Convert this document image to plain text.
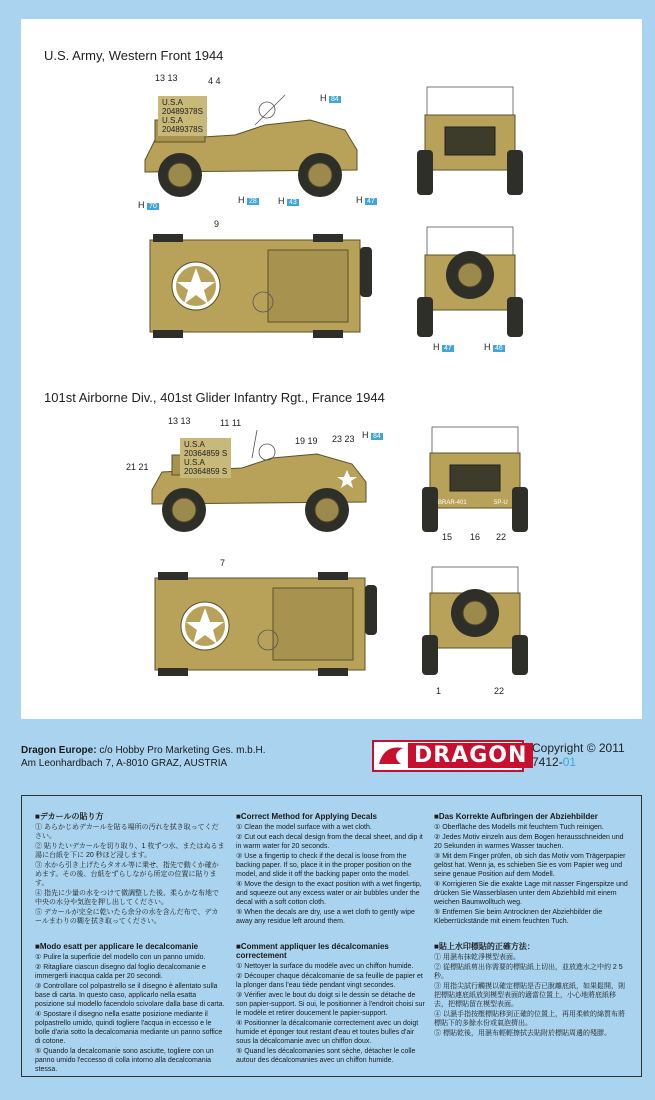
U.S. Army, Western Front 1944
U.S.A
20489378S
U.S.A
20489378S
13 13	4 4
H 84
H 70
H 28 H 43	H 47
9
H 47	H 46
101st Airborne Div., 401st Glider Infantry Rgt., France 1944
U.S.A
20364859 S
U.S.A
20364859 S
13 13	11 11
21 21
19 19 23 23 H 84
BRAR-401	5P-U
15 16 22
7
1	22
Dragon Europe: c/o Hobby Pro Marketing Ges. m.b.H.
Am Leonhardbach 7, A-8010 GRAZ, AUSTRIA	DRAGON Copyright © 2011
7412-01
■デカールの貼り方
① あらかじめデカールを貼る場所の汚れを拭き取ってください。
② 貼りたいデカールを切り取り、1 枚ずつ水、またはぬるま湯に台紙を下に 20 秒ほど浸します。
③ 水から引き上げたらタオル等に乗せ、指先で動くか確かめます。その後、台紙をずらしながら所定の位置に貼ります。
④ 指先に少量の水をつけて微調整した後、柔らかな布地で中央の水分や気泡を押し出してください。
⑤ デカールが完全に乾いたら余分の水を含んだ布で、デカールまわりの糊を拭き取ってください。
■Correct Method for Applying Decals
① Clean the model surface with a wet cloth.
② Cut out each decal design from the decal sheet, and dip it in warm water for 20 seconds.
③ Use a fingertip to check if the decal is loose from the backing paper. If so, place it in the proper position on the model, and slide it off the backing paper onto the model.
④ Move the design to the exact position with a wet fingertip, and squeeze out any excess water or air bubbles under the decal with a soft cotton cloth.
⑤ When the decals are dry, use a wet cloth to gently wipe away any residue left around them.
■Das Korrekte Aufbringen der Abziehbilder
① Oberfläche des Modells mit feuchtem Tuch reinigen.
② Jedes Motiv einzeln aus dem Bogen herausschneiden und 20 Sekunden in warmes Wasser tauchen.
③ Mit dem Finger prüfen, ob sich das Motiv vom Trägerpapier gelöst hat. Wenn ja, es schieben Sie es vom Papier weg und seine genaue Position auf dem Modell.
④ Korrigieren Sie die exakte Lage mit nasser Fingerspitze und drücken Sie Wasserblasen unter dem Abziehbild mit einem weichen Baumwolltuch weg.
⑤ Entfernen Sie beim Antrocknen der Abziehbilder die Kleberrückstände mit einem feuchten Tuch.
■Modo esatt per applicare le decalcomanie
① Pulire la superficie del modello con un panno umido.
② Ritagliare ciascun disegno dal foglio decalcomanie e immergerli inacqua calda per 20 secondi.
③ Controllare col polpastrello se il disegno è allentato sulla base di carta. In questo caso, applicarlo nella esatta posizione sul modello facendolo scivolare dalla base di carta.
④ Spostare il disegno nella esatte posizione mediante il polpastrello umido, quindi togliere l'acqua in eccesso e le bolle d'aria sotto la decalcomania mediante un panno soffice di cotone.
⑤ Quando la decalcomanie sono asciutte, togliere con un panno umido l'eccesso di colla intorno alla decalcomania stessa.
■Comment appliquer les décalcomanies correctement
① Nettoyer la surface du modèle avec un chiffon humide.
② Découper chaque décalcomanie de sa feuille de papier et la plonger dans l'eau tiède pendant vingt secondes.
③ Vérifier avec le bout du doigt si le dessin se détache de son papier-support. Si oui, le positionner à l'endroit choisi sur le modèle et retirer doucement le papier-support.
④ Positionner la décalcomanie correctement avec un doigt humide et éponger tout restant d'eau et toutes bulles d'air sous la décalcomanie avec un chiffon doux.
⑤ Quand les décalcomanies sont sèche, détacher le colle autour des décalcomanies avec un chiffon humide.
■貼上水印標貼的正確方法：
① 用濕布抹乾淨模型表面。
② 從標貼紙剪出你需要的標貼紙上切出，並放進水之中約 2 5 秒。
③ 用指尖試行觸摸以確定標貼是否已脫離底紙，如果鬆開，則把標貼連底紙放到模型表面的適當位置上，小心地將底紙移去，把標貼留在模型表面。
④ 以濕手指按壓標貼移到正確的位置上，再用柔軟的綿質布將標貼下的多餘水份或氣泡擠出。
⑤ 標貼乾後，用濕布輕輕擦拭去貼附於標貼周邊的殘膠。
